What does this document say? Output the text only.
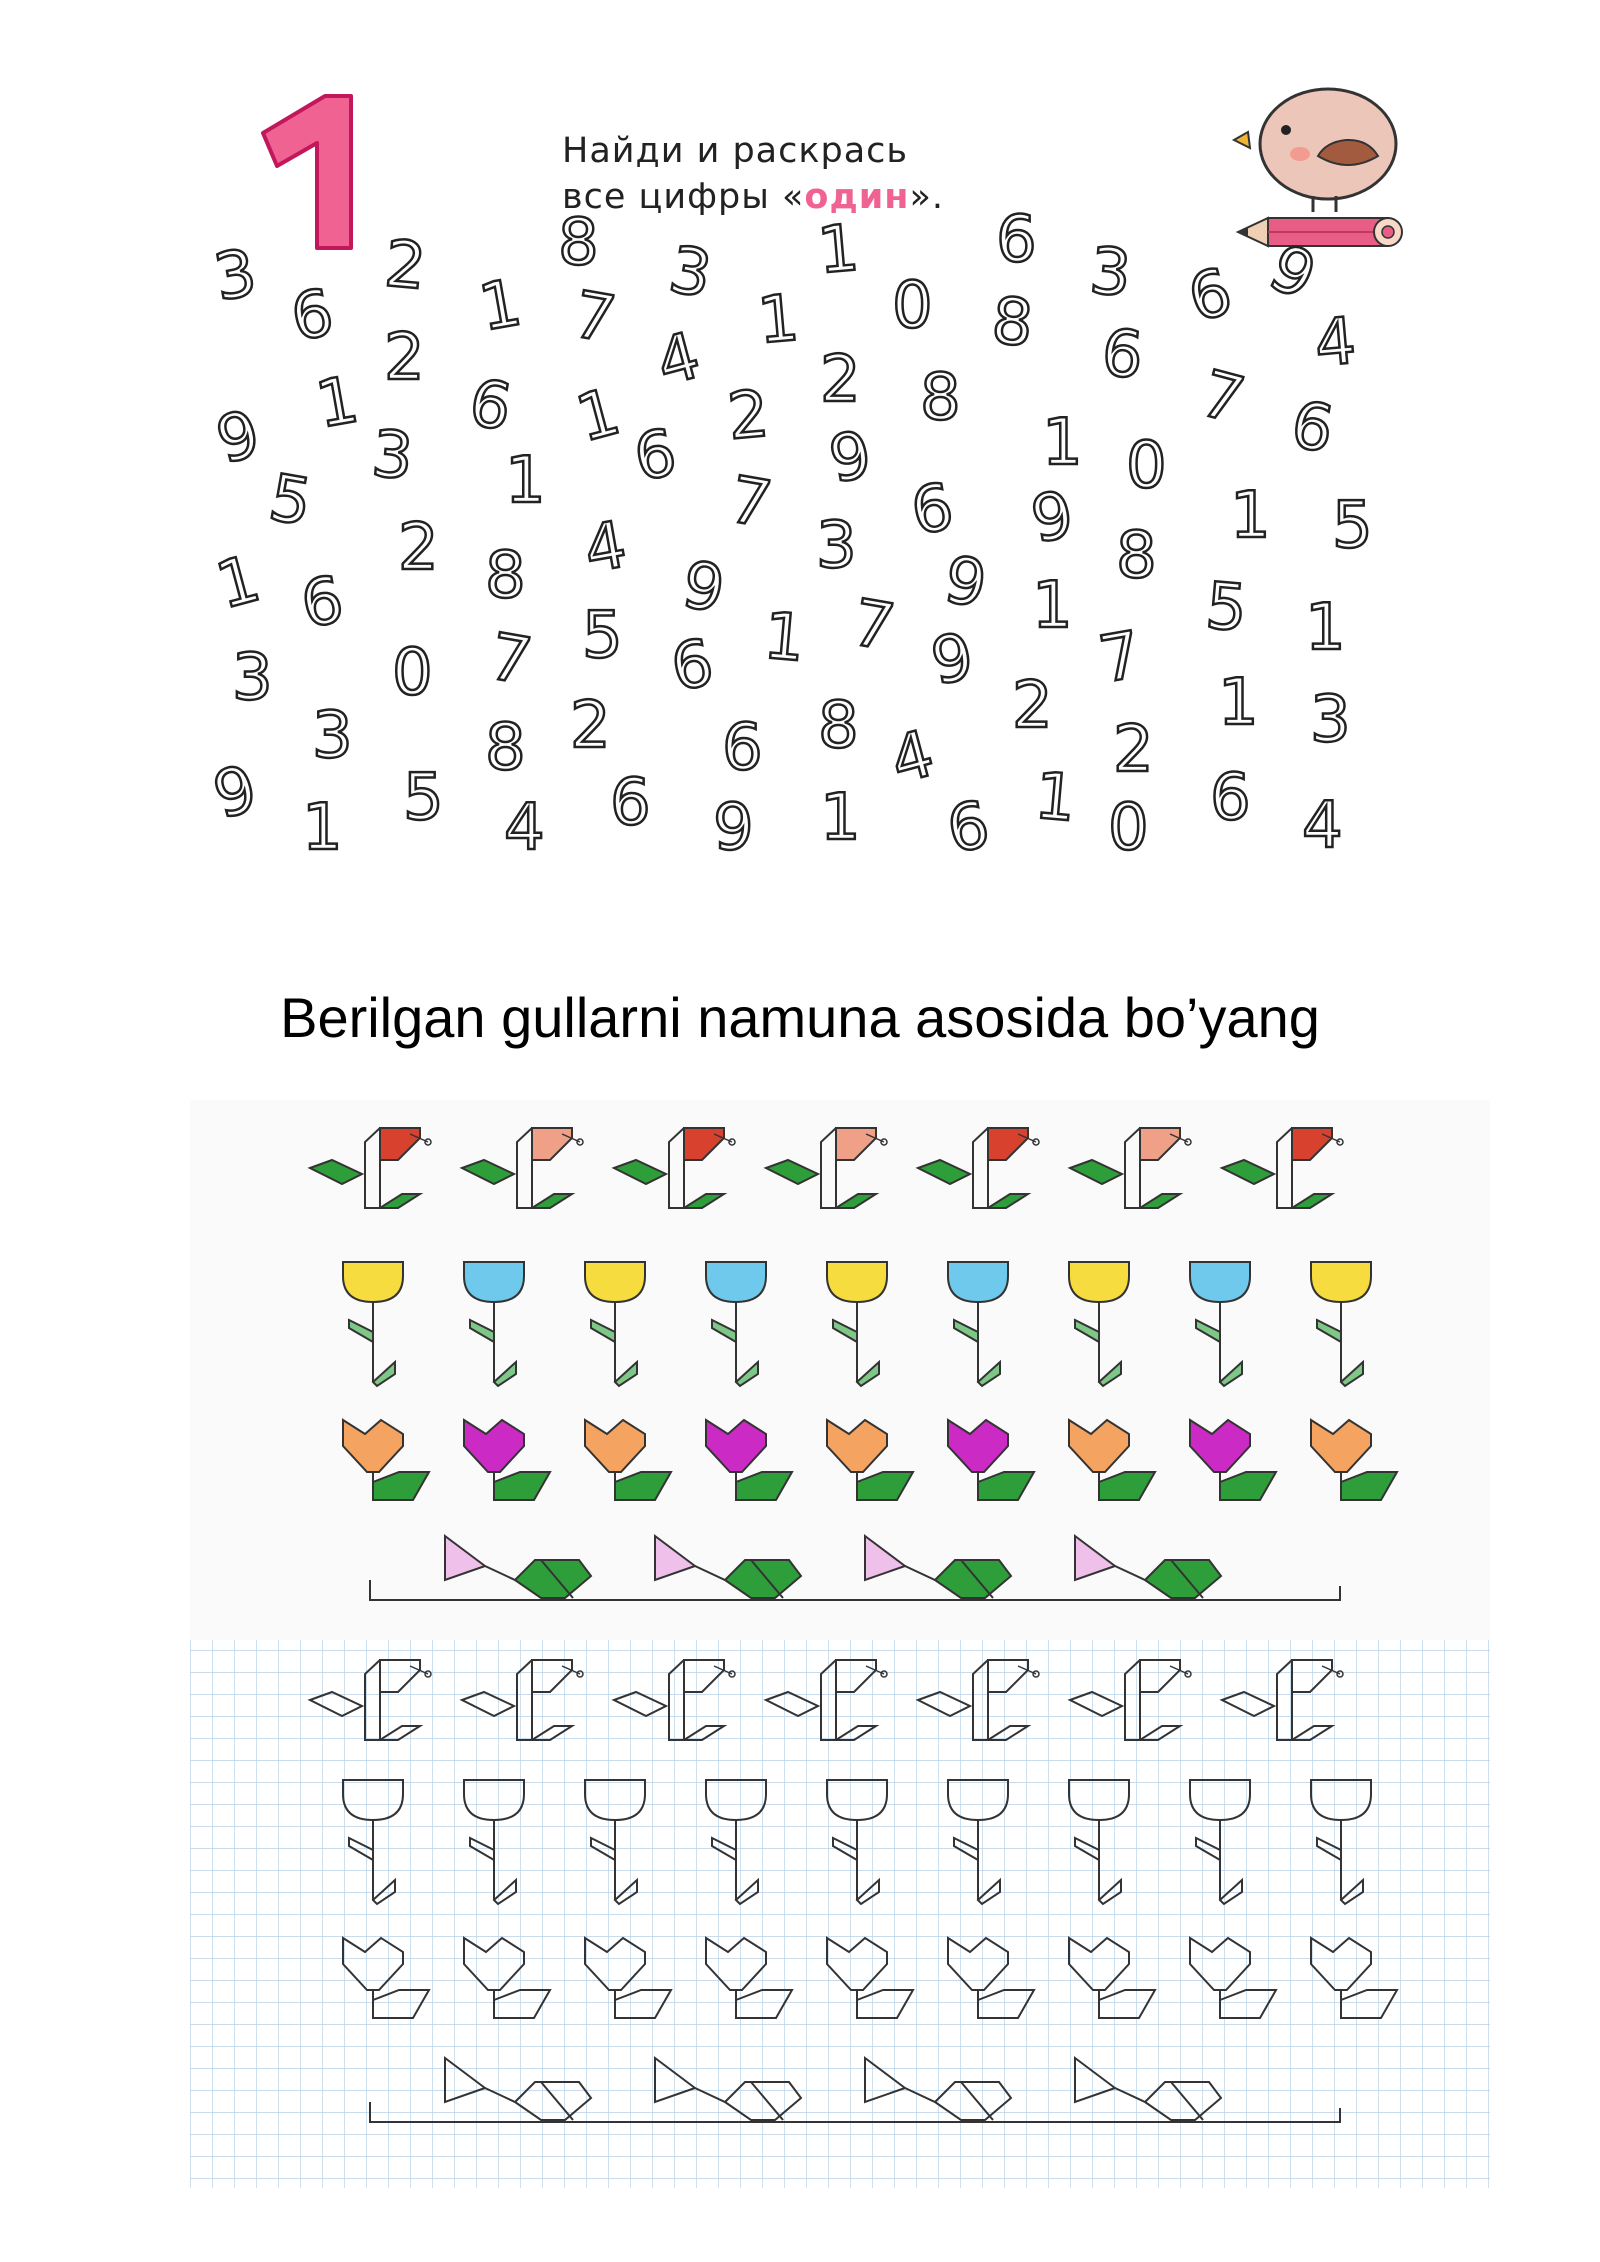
Найди и раскрась
все цифры «один».
3 2 8 3 1 6 3 6 9
6 1 7 1 0	4
2	4	8 6
2
1 6 1 2 8	7
9 3	1	6
9	0
5	1 6
7 6 9 1 5
2 8 4	3	8
1 6	9	9 1 5 1
7 5 1 7 9 7
3 0	6
2	8 2	1 3
3 8	6 4	2
9 1 5 4 6 9 1 6 1 0 6 4
Berilgan gullarni namuna asosida bo’yang
